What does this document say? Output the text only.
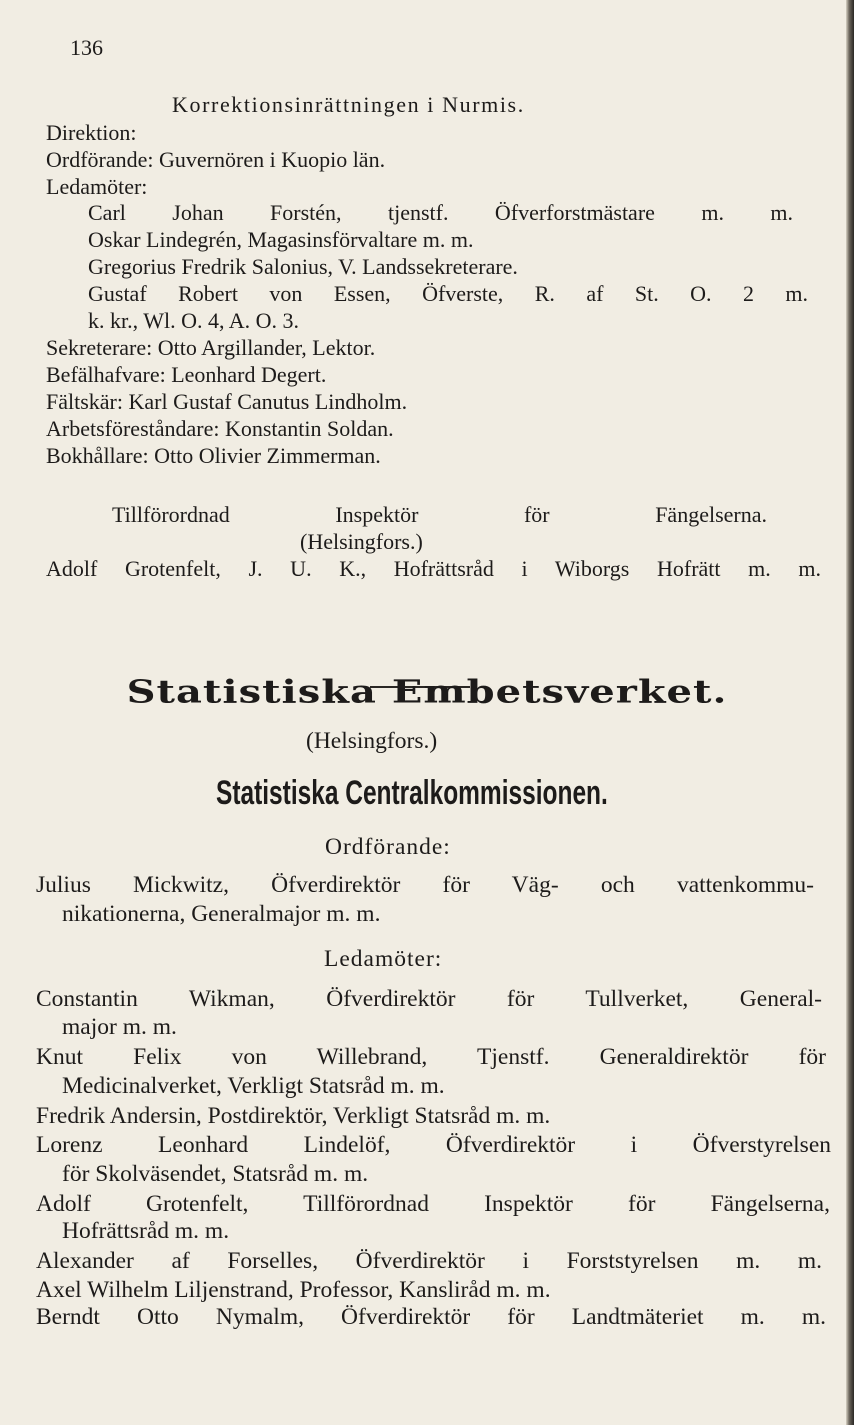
136
Korrektionsinrättningen i Nurmis.
Direktion:
Ordförande: Guvernören i Kuopio län.
Ledamöter:
Carl Johan Forstén, tjenstf. Öfverforstmästare m. m.
Oskar Lindegrén, Magasinsförvaltare m. m.
Gregorius Fredrik Salonius, V. Landssekreterare.
Gustaf Robert von Essen, Öfverste, R. af St. O. 2 m.
k. kr., Wl. O. 4, A. O. 3.
Sekreterare: Otto Argillander, Lektor.
Befälhafvare: Leonhard Degert.
Fältskär: Karl Gustaf Canutus Lindholm.
Arbetsföreståndare: Konstantin Soldan.
Bokhållare: Otto Olivier Zimmerman.
Tillförordnad Inspektör för Fängelserna.
(Helsingfors.)
Adolf Grotenfelt, J. U. K., Hofrättsråd i Wiborgs Hofrätt m. m.
Statistiska Embetsverket.
(Helsingfors.)
Statistiska Centralkommissionen.
Ordförande:
Julius Mickwitz, Öfverdirektör för Väg- och vattenkommu-
nikationerna, Generalmajor m. m.
Ledamöter:
Constantin Wikman, Öfverdirektör för Tullverket, General-
major m. m.
Knut Felix von Willebrand, Tjenstf. Generaldirektör för
Medicinalverket, Verkligt Statsråd m. m.
Fredrik Andersin, Postdirektör, Verkligt Statsråd m. m.
Lorenz Leonhard Lindelöf, Öfverdirektör i Öfverstyrelsen
för Skolväsendet, Statsråd m. m.
Adolf Grotenfelt, Tillförordnad Inspektör för Fängelserna,
Hofrättsråd m. m.
Alexander af Forselles, Öfverdirektör i Forststyrelsen m. m.
Axel Wilhelm Liljenstrand, Professor, Kanslir​åd m. m.
Berndt Otto Nymalm, Öfverdirektör för Landtmäteriet m. m.
